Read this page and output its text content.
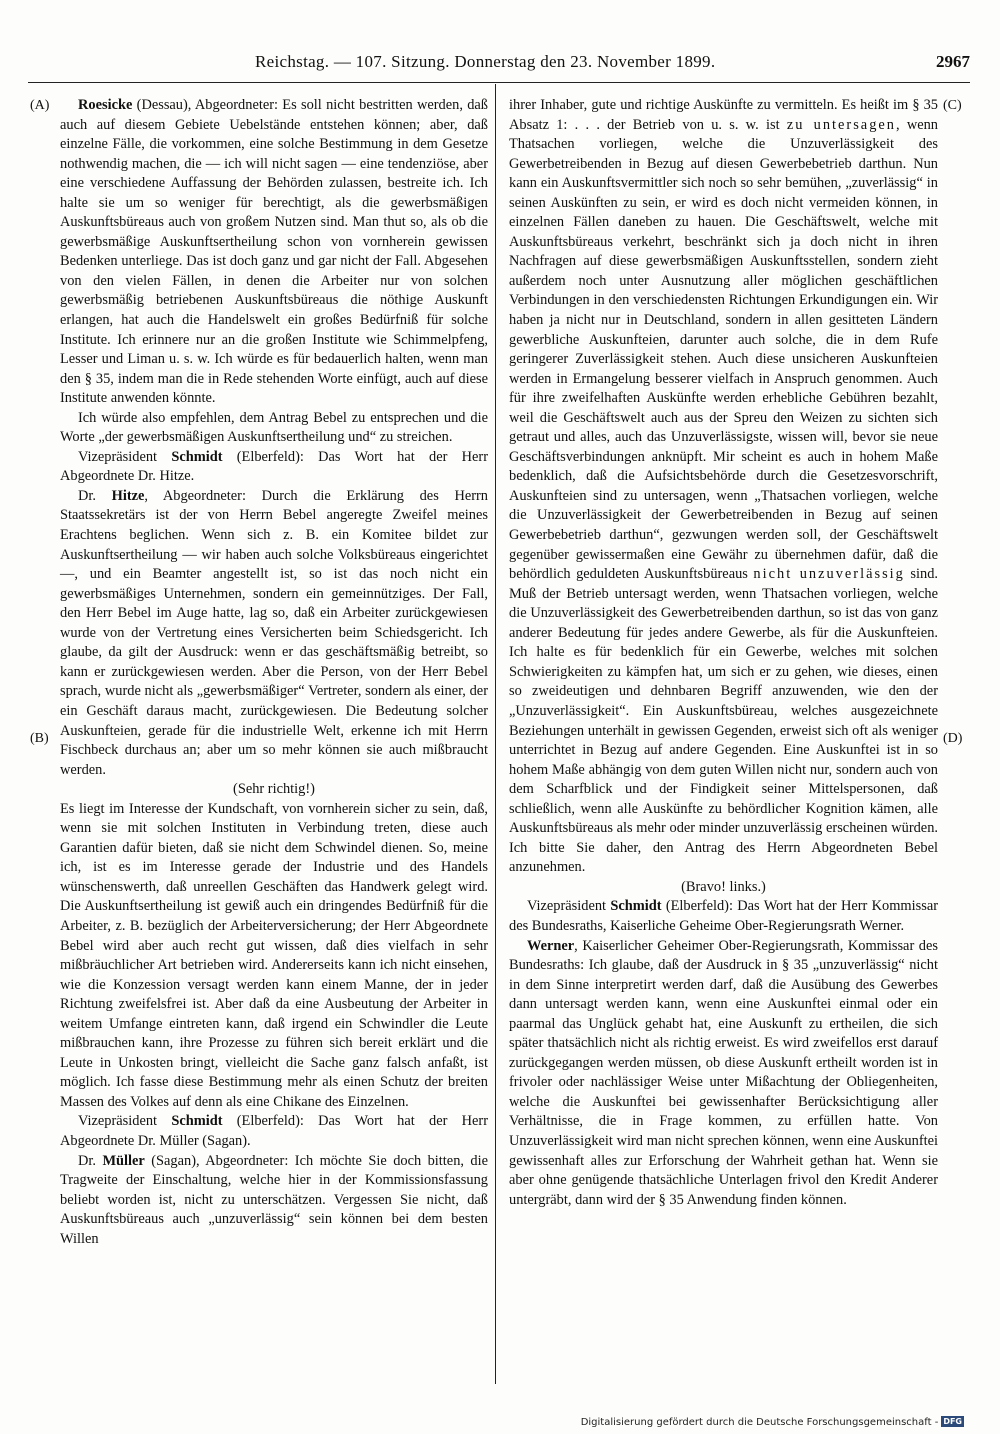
Reichstag. — 107. Sitzung. Donnerstag den 23. November 1899.	2967
(A)
(B)
(C)
(D)

Roesicke (Dessau), Abgeordneter: Es soll nicht bestritten werden, daß auch auf diesem Gebiete Uebelstände entstehen können; aber, daß einzelne Fälle, die vorkommen, eine solche Bestimmung in dem Gesetze nothwendig machen, die — ich will nicht sagen — eine tendenziöse, aber eine verschiedene Auffassung der Behörden zulassen, bestreite ich. Ich halte sie um so weniger für berechtigt, als die gewerbsmäßigen Auskunftsbüreaus auch von großem Nutzen sind. Man thut so, als ob die gewerbsmäßige Auskunftsertheilung schon von vornherein gewissen Bedenken unterliege. Das ist doch ganz und gar nicht der Fall. Abgesehen von den vielen Fällen, in denen die Arbeiter nur von solchen gewerbsmäßig betriebenen Auskunftsbüreaus die nöthige Auskunft erlangen, hat auch die Handelswelt ein großes Bedürfniß für solche Institute. Ich erinnere nur an die großen Institute wie Schimmelpfeng, Lesser und Liman u. s. w. Ich würde es für bedauerlich halten, wenn man den § 35, indem man die in Rede stehenden Worte einfügt, auch auf diese Institute anwenden könnte.

Ich würde also empfehlen, dem Antrag Bebel zu entsprechen und die Worte „der gewerbsmäßigen Auskunftsertheilung und“ zu streichen.

Vizepräsident Schmidt (Elberfeld): Das Wort hat der Herr Abgeordnete Dr. Hitze.

Dr. Hitze, Abgeordneter: Durch die Erklärung des Herrn Staatssekretärs ist der von Herrn Bebel angeregte Zweifel meines Erachtens beglichen. Wenn sich z. B. ein Komitee bildet zur Auskunftsertheilung — wir haben auch solche Volksbüreaus eingerichtet —, und ein Beamter angestellt ist, so ist das noch nicht ein gewerbsmäßiges Unternehmen, sondern ein gemeinnütziges. Der Fall, den Herr Bebel im Auge hatte, lag so, daß ein Arbeiter zurückgewiesen wurde von der Vertretung eines Versicherten beim Schiedsgericht. Ich glaube, da gilt der Ausdruck: wenn er das geschäftsmäßig betreibt, so kann er zurückgewiesen werden. Aber die Person, von der Herr Bebel sprach, wurde nicht als „gewerbsmäßiger“ Vertreter, sondern als einer, der ein Geschäft daraus macht, zurückgewiesen. Die Bedeutung solcher Auskunfteien, gerade für die industrielle Welt, erkenne ich mit Herrn Fischbeck durchaus an; aber um so mehr können sie auch mißbraucht werden.

(Sehr richtig!)

Es liegt im Interesse der Kundschaft, von vornherein sicher zu sein, daß, wenn sie mit solchen Instituten in Verbindung treten, diese auch Garantien dafür bieten, daß sie nicht dem Schwindel dienen. So, meine ich, ist es im Interesse gerade der Industrie und des Handels wünschenswerth, daß unreellen Geschäften das Handwerk gelegt wird. Die Auskunftsertheilung ist gewiß auch ein dringendes Bedürfniß für die Arbeiter, z. B. bezüglich der Arbeiterversicherung; der Herr Abgeordnete Bebel wird aber auch recht gut wissen, daß dies vielfach in sehr mißbräuchlicher Art betrieben wird. Andererseits kann ich nicht einsehen, wie die Konzession versagt werden kann einem Manne, der in jeder Richtung zweifelsfrei ist. Aber daß da eine Ausbeutung der Arbeiter in weitem Umfange eintreten kann, daß irgend ein Schwindler die Leute mißbrauchen kann, ihre Prozesse zu führen sich bereit erklärt und die Leute in Unkosten bringt, vielleicht die Sache ganz falsch anfaßt, ist möglich. Ich fasse diese Bestimmung mehr als einen Schutz der breiten Massen des Volkes auf denn als eine Chikane des Einzelnen.

Vizepräsident Schmidt (Elberfeld): Das Wort hat der Herr Abgeordnete Dr. Müller (Sagan).

Dr. Müller (Sagan), Abgeordneter: Ich möchte Sie doch bitten, die Tragweite der Einschaltung, welche hier in der Kommissionsfassung beliebt worden ist, nicht zu unterschätzen. Vergessen Sie nicht, daß Auskunftsbüreaus auch „unzuverlässig“ sein können bei dem besten Willen

ihrer Inhaber, gute und richtige Auskünfte zu vermitteln. Es heißt im § 35 Absatz 1: . . . der Betrieb von u. s. w. ist zu untersagen, wenn Thatsachen vorliegen, welche die Unzuverlässigkeit des Gewerbetreibenden in Bezug auf diesen Gewerbebetrieb darthun. Nun kann ein Auskunftsvermittler sich noch so sehr bemühen, „zuverlässig“ in seinen Auskünften zu sein, er wird es doch nicht vermeiden können, in einzelnen Fällen daneben zu hauen. Die Geschäftswelt, welche mit Auskunftsbüreaus verkehrt, beschränkt sich ja doch nicht in ihren Nachfragen auf diese gewerbsmäßigen Auskunftsstellen, sondern zieht außerdem noch unter Ausnutzung aller möglichen geschäftlichen Verbindungen in den verschiedensten Richtungen Erkundigungen ein. Wir haben ja nicht nur in Deutschland, sondern in allen gesitteten Ländern gewerbliche Auskunfteien, darunter auch solche, die in dem Rufe geringerer Zuverlässigkeit stehen. Auch diese unsicheren Auskunfteien werden in Ermangelung besserer vielfach in Anspruch genommen. Auch für ihre zweifelhaften Auskünfte werden erhebliche Gebühren bezahlt, weil die Geschäftswelt auch aus der Spreu den Weizen zu sichten sich getraut und alles, auch das Unzuverlässigste, wissen will, bevor sie neue Geschäftsverbindungen anknüpft. Mir scheint es auch in hohem Maße bedenklich, daß die Aufsichtsbehörde durch die Gesetzesvorschrift, Auskunfteien sind zu untersagen, wenn „Thatsachen vorliegen, welche die Unzuverlässigkeit der Gewerbetreibenden in Bezug auf seinen Gewerbebetrieb darthun“, gezwungen werden soll, der Geschäftswelt gegenüber gewissermaßen eine Gewähr zu übernehmen dafür, daß die behördlich geduldeten Auskunftsbüreaus nicht unzuverlässig sind. Muß der Betrieb untersagt werden, wenn Thatsachen vorliegen, welche die Unzuverlässigkeit des Gewerbetreibenden darthun, so ist das von ganz anderer Bedeutung für jedes andere Gewerbe, als für die Auskunfteien. Ich halte es für bedenklich für ein Gewerbe, welches mit solchen Schwierigkeiten zu kämpfen hat, um sich er zu gehen, wie dieses, einen so zweideutigen und dehnbaren Begriff anzuwenden, wie den der „Unzuverlässigkeit“. Ein Auskunftsbüreau, welches ausgezeichnete Beziehungen unterhält in gewissen Gegenden, erweist sich oft als weniger unterrichtet in Bezug auf andere Gegenden. Eine Auskunftei ist in so hohem Maße abhängig von dem guten Willen nicht nur, sondern auch von dem Scharfblick und der Findigkeit seiner Mittelspersonen, daß schließlich, wenn alle Auskünfte zu behördlicher Kognition kämen, alle Auskunftsbüreaus als mehr oder minder unzuverlässig erscheinen würden. Ich bitte Sie daher, den Antrag des Herrn Abgeordneten Bebel anzunehmen.

(Bravo! links.)

Vizepräsident Schmidt (Elberfeld): Das Wort hat der Herr Kommissar des Bundesraths, Kaiserliche Geheime Ober-Regierungsrath Werner.

Werner, Kaiserlicher Geheimer Ober-Regierungsrath, Kommissar des Bundesraths: Ich glaube, daß der Ausdruck in § 35 „unzuverlässig“ nicht in dem Sinne interpretirt werden darf, daß die Ausübung des Gewerbes dann untersagt werden kann, wenn eine Auskunftei einmal oder ein paarmal das Unglück gehabt hat, eine Auskunft zu ertheilen, die sich später thatsächlich nicht als richtig erweist. Es wird zweifellos erst darauf zurückgegangen werden müssen, ob diese Auskunft ertheilt worden ist in frivoler oder nachlässiger Weise unter Mißachtung der Obliegenheiten, welche die Auskunftei bei gewissenhafter Berücksichtigung aller Verhältnisse, die in Frage kommen, zu erfüllen hatte. Von Unzuverlässigkeit wird man nicht sprechen können, wenn eine Auskunftei gewissenhaft alles zur Erforschung der Wahrheit gethan hat. Wenn sie aber ohne genügende thatsächliche Unterlagen frivol den Kredit Anderer untergräbt, dann wird der § 35 Anwendung finden können.

Digitalisierung gefördert durch die Deutsche Forschungsgemeinschaft - DFG
